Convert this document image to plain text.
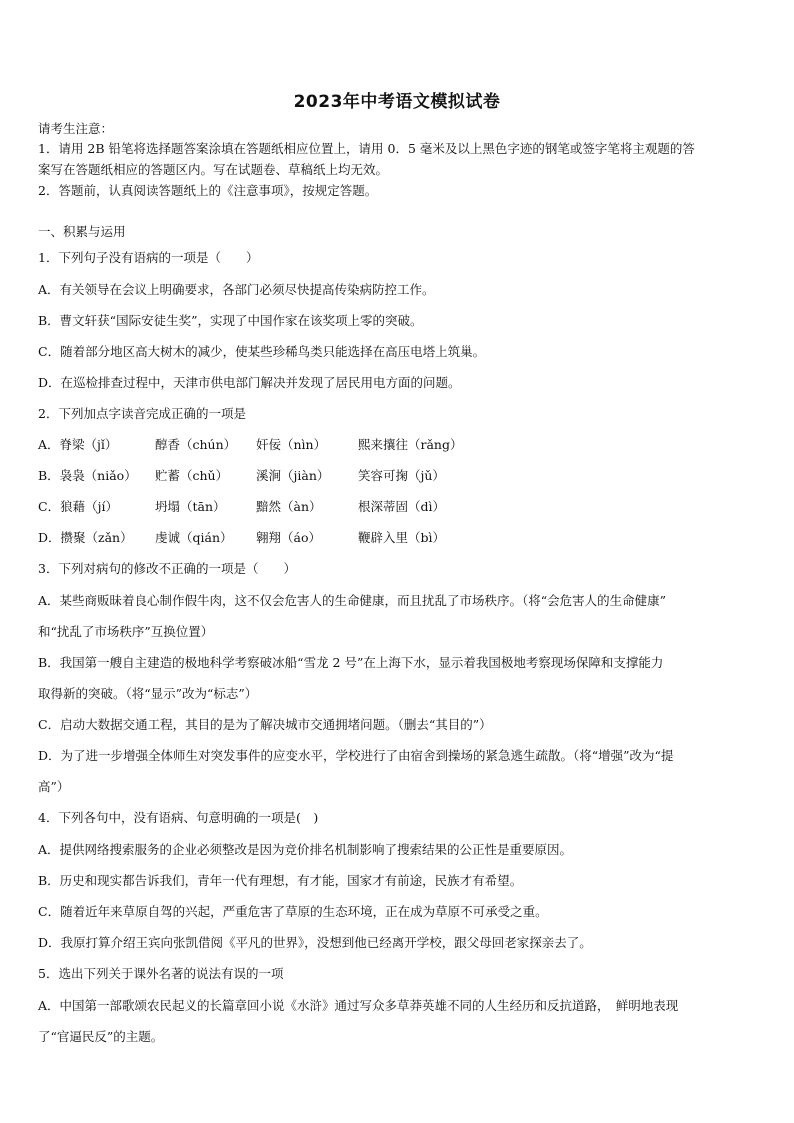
2023年中考语文模拟试卷
请考生注意：
1．请用 2B 铅笔将选择题答案涂填在答题纸相应位置上，请用 0．5 毫米及以上黑色字迹的钢笔或签字笔将主观题的答
案写在答题纸相应的答题区内。写在试题卷、草稿纸上均无效。
2．答题前，认真阅读答题纸上的《注意事项》，按规定答题。
一、积累与运用
1．下列句子没有语病的一项是（　　）
A．有关领导在会议上明确要求，各部门必须尽快提高传染病防控工作。
B．曹文轩获“国际安徒生奖”，实现了中国作家在该奖项上零的突破。
C．随着部分地区高大树木的减少，使某些珍稀鸟类只能选择在高压电塔上筑巢。
D．在巡检排查过程中，天津市供电部门解决并发现了居民用电方面的问题。
2．下列加点字读音完成正确的一项是
A．脊梁（jǐ）	醇香（chún） 奸佞（nìn）	熙来攘往（rǎng）
B．袅袅（niǎo） 贮蓄（chǔ） 溪涧（jiàn） 笑容可掬（jǔ）
C．狼藉（jí）	坍塌（tān） 黯然（àn）	根深蒂固（dì）
D．攒聚（zǎn） 虔诚（qián） 翱翔（áo）	鞭辟入里（bì）
3．下列对病句的修改不正确的一项是（　　）
A．某些商贩昧着良心制作假牛肉，这不仅会危害人的生命健康，而且扰乱了市场秩序。（将“会危害人的生命健康”
和“扰乱了市场秩序”互换位置）
B．我国第一艘自主建造的极地科学考察破冰船“雪龙 2 号”在上海下水，显示着我国极地考察现场保障和支撑能力
取得新的突破。（将“显示”改为“标志”）
C．启动大数据交通工程，其目的是为了解决城市交通拥堵问题。（删去“其目的”）
D．为了进一步增强全体师生对突发事件的应变水平，学校进行了由宿舍到操场的紧急逃生疏散。（将“增强”改为“提
高”）
4．下列各句中，没有语病、句意明确的一项是(　)
A．提供网络搜索服务的企业必须整改是因为竞价排名机制影响了搜索结果的公正性是重要原因。
B．历史和现实都告诉我们，青年一代有理想，有才能，国家才有前途，民族才有希望。
C．随着近年来草原自驾的兴起，严重危害了草原的生态环境，正在成为草原不可承受之重。
D．我原打算介绍王宾向张凯借阅《平凡的世界》，没想到他已经离开学校，跟父母回老家探亲去了。
5．选出下列关于课外名著的说法有误的一项
A．中国第一部歌颂农民起义的长篇章回小说《水浒》通过写众多草莽英雄不同的人生经历和反抗道路，　鲜明地表现
了“官逼民反”的主题。
